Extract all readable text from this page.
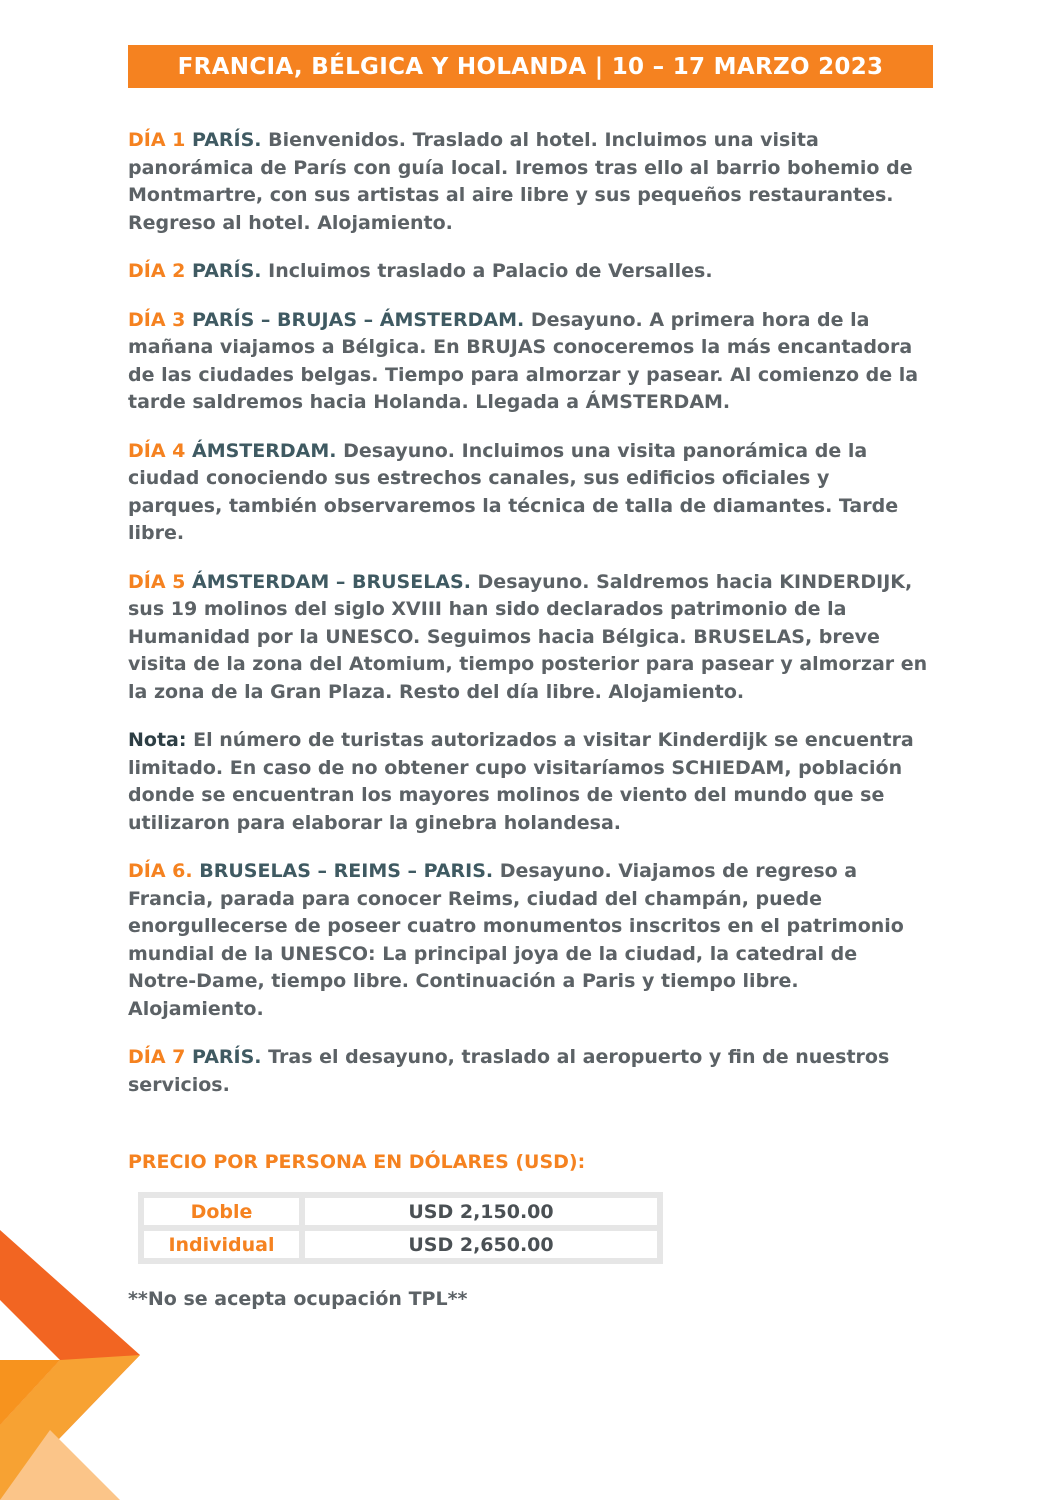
FRANCIA, BÉLGICA Y HOLANDA | 10 – 17 MARZO 2023

DÍA 1 PARÍS. Bienvenidos. Traslado al hotel. Incluimos una visita panorámica de París con guía local. Iremos tras ello al barrio bohemio de Montmartre, con sus artistas al aire libre y sus pequeños restaurantes. Regreso al hotel. Alojamiento.

DÍA 2 PARÍS. Incluimos traslado a Palacio de Versalles.

DÍA 3 PARÍS – BRUJAS – ÁMSTERDAM. Desayuno. A primera hora de la mañana viajamos a Bélgica. En BRUJAS conoceremos la más encantadora de las ciudades belgas. Tiempo para almorzar y pasear. Al comienzo de la tarde saldremos hacia Holanda. Llegada a ÁMSTERDAM.

DÍA 4 ÁMSTERDAM. Desayuno. Incluimos una visita panorámica de la ciudad conociendo sus estrechos canales, sus edificios oficiales y parques, también observaremos la técnica de talla de diamantes. Tarde libre.

DÍA 5 ÁMSTERDAM – BRUSELAS. Desayuno. Saldremos hacia KINDERDIJK, sus 19 molinos del siglo XVIII han sido declarados patrimonio de la Humanidad por la UNESCO. Seguimos hacia Bélgica. BRUSELAS, breve visita de la zona del Atomium, tiempo posterior para pasear y almorzar en la zona de la Gran Plaza. Resto del día libre. Alojamiento.

Nota: El número de turistas autorizados a visitar Kinderdijk se encuentra limitado. En caso de no obtener cupo visitaríamos SCHIEDAM, población donde se encuentran los mayores molinos de viento del mundo que se utilizaron para elaborar la ginebra holandesa.

DÍA 6. BRUSELAS – REIMS – PARIS. Desayuno. Viajamos de regreso a Francia, parada para conocer Reims, ciudad del champán, puede enorgullecerse de poseer cuatro monumentos inscritos en el patrimonio mundial de la UNESCO: La principal joya de la ciudad, la catedral de Notre-Dame, tiempo libre. Continuación a Paris y tiempo libre. Alojamiento.

DÍA 7 PARÍS. Tras el desayuno, traslado al aeropuerto y fin de nuestros servicios.

PRECIO POR PERSONA EN DÓLARES (USD):
Doble	USD 2,150.00
Individual	USD 2,650.00
**No se acepta ocupación TPL**
